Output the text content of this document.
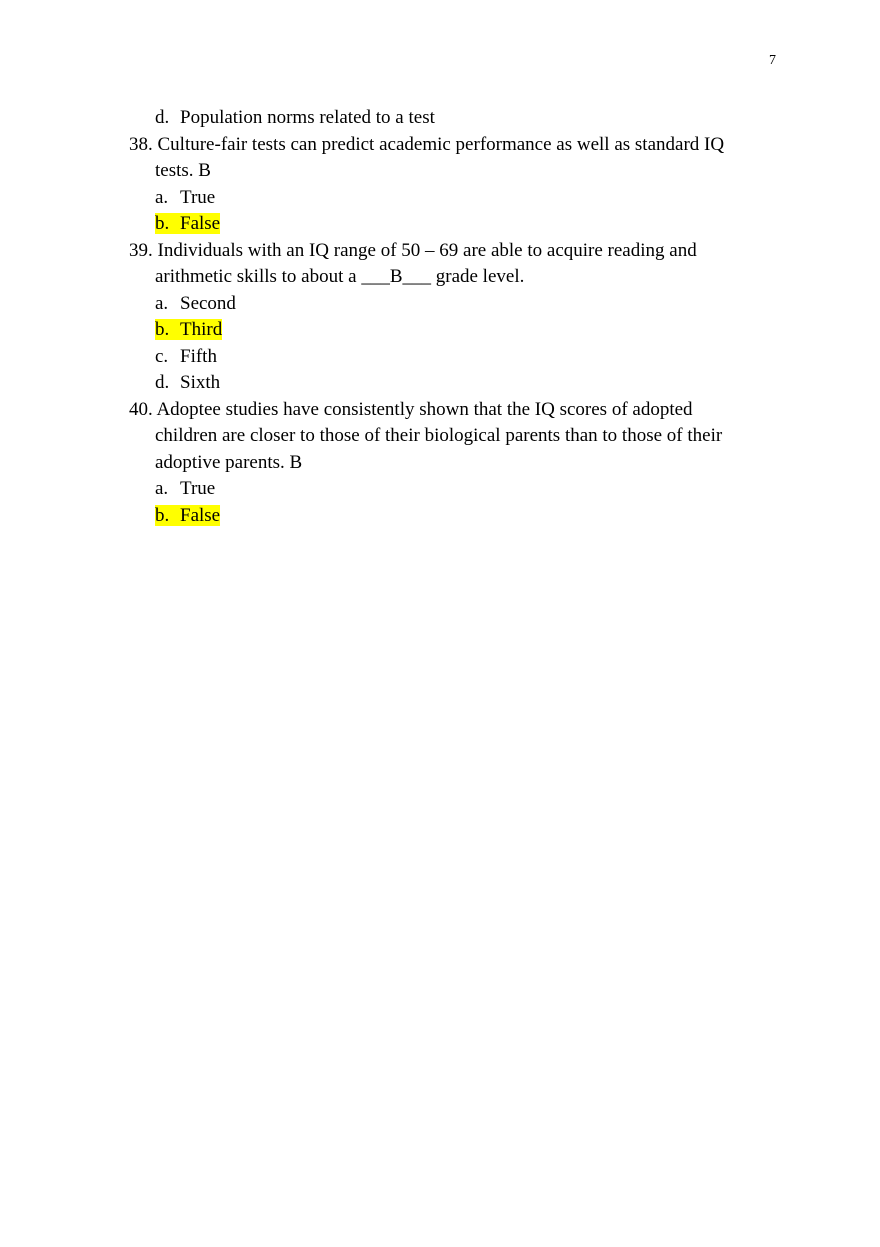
7
d. Population norms related to a test
38. Culture-fair tests can predict academic performance as well as standard IQ
tests. B
a. True
b. False
39. Individuals with an IQ range of 50 – 69 are able to acquire reading and
arithmetic skills to about a ___B___ grade level.
a. Second
b. Third
c. Fifth
d. Sixth
40. Adoptee studies have consistently shown that the IQ scores of adopted
children are closer to those of their biological parents than to those of their
adoptive parents. B
a. True
b. False
